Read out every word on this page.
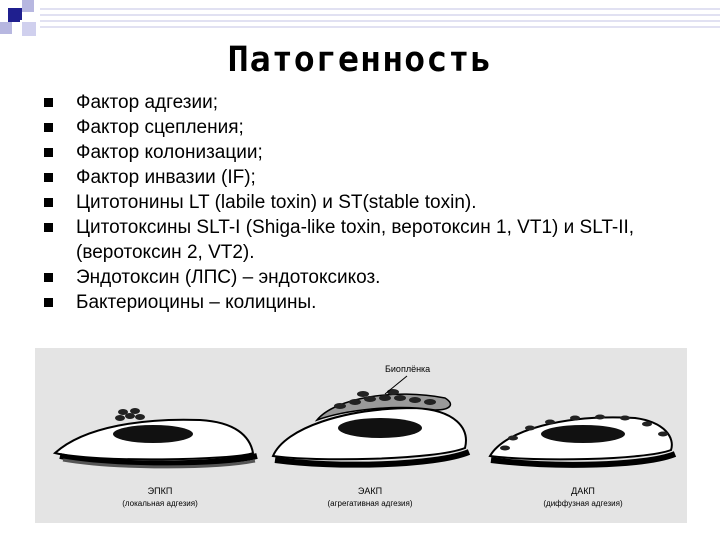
Патогенность
Фактор адгезии;
Фактор сцепления;
Фактор колонизации;
Фактор инвазии (IF);
Цитотонины LT (labile toxin) и ST(stable toxin).
Цитотоксины SLT-I (Shiga-like toxin, веротоксин 1, VT1) и SLT-II, (веротоксин 2, VT2).
Эндотоксин (ЛПС) – эндотоксикоз.
Бактериоцины – колицины.
Биоплёнка
ЭПКП
(локальная адгезия)
ЭАКП
(агрегативная адгезия)
ДАКП
(диффузная адгезия)
